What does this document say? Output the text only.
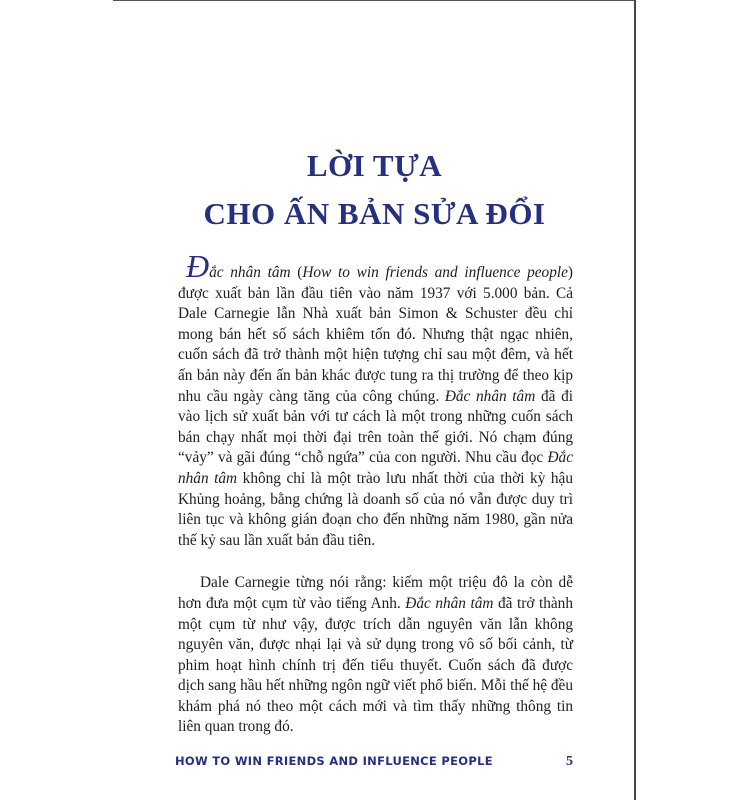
LỜI TỰA
CHO ẤN BẢN SỬA ĐỔI
Đắc nhân tâm (How to win friends and influence people) được xuất bản lần đầu tiên vào năm 1937 với 5.000 bản. Cả Dale Carnegie lẫn Nhà xuất bản Simon & Schuster đều chỉ mong bán hết số sách khiêm tốn đó. Nhưng thật ngạc nhiên, cuốn sách đã trở thành một hiện tượng chỉ sau một đêm, và hết ấn bản này đến ấn bản khác được tung ra thị trường để theo kịp nhu cầu ngày càng tăng của công chúng. Đắc nhân tâm đã đi vào lịch sử xuất bản với tư cách là một trong những cuốn sách bán chạy nhất mọi thời đại trên toàn thế giới. Nó chạm đúng “vảy” và gãi đúng “chỗ ngứa” của con người. Nhu cầu đọc Đắc nhân tâm không chỉ là một trào lưu nhất thời của thời kỳ hậu Khủng hoảng, bằng chứng là doanh số của nó vẫn được duy trì liên tục và không gián đoạn cho đến những năm 1980, gần nửa thế kỷ sau lần xuất bản đầu tiên.
Dale Carnegie từng nói rằng: kiếm một triệu đô la còn dễ hơn đưa một cụm từ vào tiếng Anh. Đắc nhân tâm đã trở thành một cụm từ như vậy, được trích dẫn nguyên văn lẫn không nguyên văn, được nhại lại và sử dụng trong vô số bối cảnh, từ phim hoạt hình chính trị đến tiểu thuyết. Cuốn sách đã được dịch sang hầu hết những ngôn ngữ viết phổ biến. Mỗi thế hệ đều khám phá nó theo một cách mới và tìm thấy những thông tin liên quan trong đó.
HOW TO WIN FRIENDS AND INFLUENCE PEOPLE	5
